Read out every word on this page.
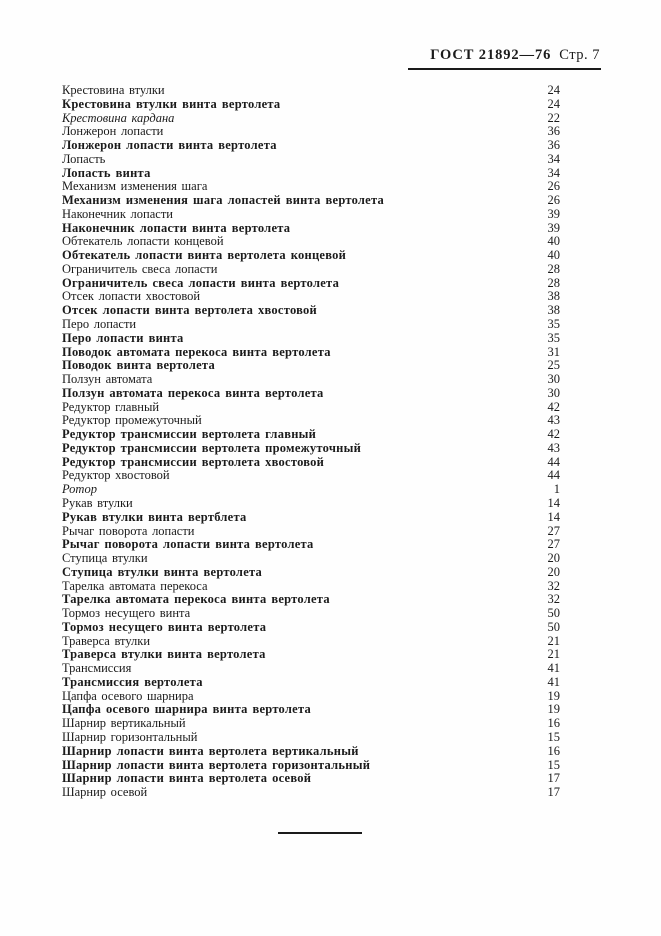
ГОСТ 21892—76 Стр. 7
Крестовина втулки	24
Крестовина втулки винта вертолета	24
Крестовина кардана	22
Лонжерон лопасти	36
Лонжерон лопасти винта вертолета	36
Лопасть	34
Лопасть винта	34
Механизм изменения шага	26
Механизм изменения шага лопастей винта вертолета	26
Наконечник лопасти	39
Наконечник лопасти винта вертолета	39
Обтекатель лопасти концевой	40
Обтекатель лопасти винта вертолета концевой	40
Ограничитель свеса лопасти	28
Ограничитель свеса лопасти винта вертолета	28
Отсек лопасти хвостовой	38
Отсек лопасти винта вертолета хвостовой	38
Перо лопасти	35
Перо лопасти винта	35
Поводок автомата перекоса винта вертолета	31
Поводок винта вертолета	25
Ползун автомата	30
Ползун автомата перекоса винта вертолета	30
Редуктор главный	42
Редуктор промежуточный	43
Редуктор трансмиссии вертолета главный	42
Редуктор трансмиссии вертолета промежуточный	43
Редуктор трансмиссии вертолета хвостовой	44
Редуктор хвостовой	44
Ротор	1
Рукав втулки	14
Рукав втулки винта вертблета	14
Рычаг поворота лопасти	27
Рычаг поворота лопасти винта вертолета	27
Ступица втулки	20
Ступица втулки винта вертолета	20
Тарелка автомата перекоса	32
Тарелка автомата перекоса винта вертолета	32
Тормоз несущего винта	50
Тормоз несущего винта вертолета	50
Траверса втулки	21
Траверса втулки винта вертолета	21
Трансмиссия	41
Трансмиссия вертолета	41
Цапфа осевого шарнира	19
Цапфа осевого шарнира винта вертолета	19
Шарнир вертикальный	16
Шарнир горизонтальный	15
Шарнир лопасти винта вертолета вертикальный	16
Шарнир лопасти винта вертолета горизонтальный	15
Шарнир лопасти винта вертолета осевой	17
Шарнир осевой	17
